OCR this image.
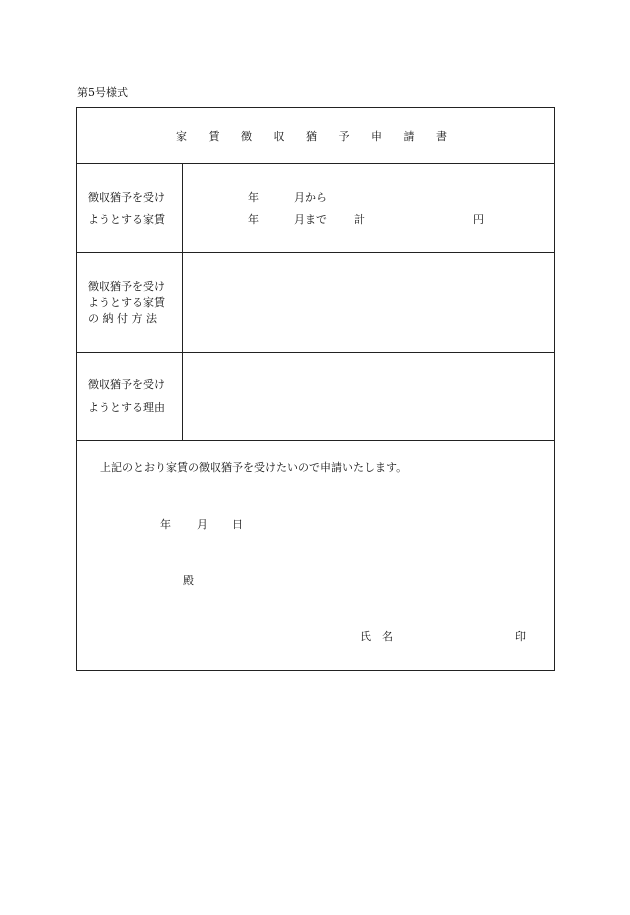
第5号様式
家 賃 徴 収 猶 予 申 請 書
徴収猶予を受け
ようとする家賃
年	月から
年	月まで 計	円
徴収猶予を受け
ようとする家賃
の 納 付 方 法
徴収猶予を受け
ようとする理由
上記のとおり家賃の徴収猶予を受けたいので申請いたします。
年 月 日
殿
氏　名	印
